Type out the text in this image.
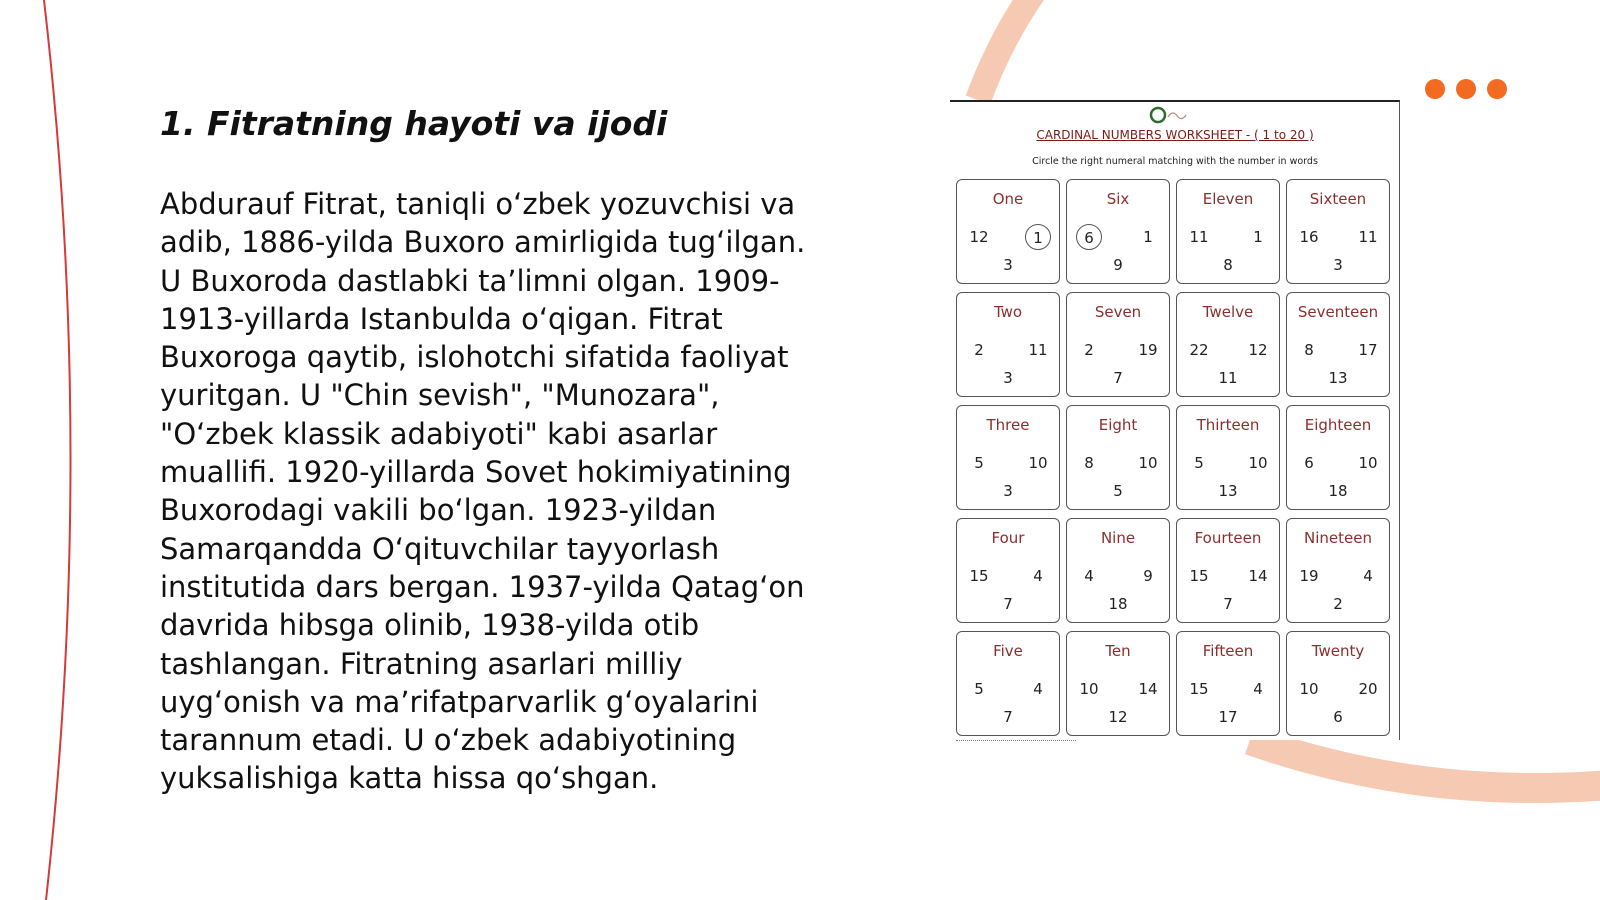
1. Fitratning hayoti va ijodi
Abdurauf Fitrat, taniqli o‘zbek yozuvchisi va
adib, 1886-yilda Buxoro amirligida tug‘ilgan.
U Buxoroda dastlabki ta’limni olgan. 1909-
1913-yillarda Istanbulda o‘qigan. Fitrat
Buxoroga qaytib, islohotchi sifatida faoliyat
yuritgan. U "Chin sevish", "Munozara",
"O‘zbek klassik adabiyoti" kabi asarlar
muallifi. 1920-yillarda Sovet hokimiyatining
Buxorodagi vakili bo‘lgan. 1923-yildan
Samarqandda O‘qituvchilar tayyorlash
institutida dars bergan. 1937-yilda Qatag‘on
davrida hibsga olinib, 1938-yilda otib
tashlangan. Fitratning asarlari milliy
uyg‘onish va ma’rifatparvarlik g‘oyalarini
tarannum etadi. U o‘zbek adabiyotining
yuksalishiga katta hissa qo‘shgan.
CARDINAL NUMBERS WORKSHEET - ( 1 to 20 )
Circle the right numeral matching with the number in words
One
12	1
3
Six
6	1
9
Eleven
11	1
8
Sixteen
16	11
3
Two
2	11
3
Seven
2	19
7
Twelve
22	12
11
Seventeen
8	17
13
Three
5	10
3
Eight
8	10
5
Thirteen
5	10
13
Eighteen
6	10
18
Four
15	4
7
Nine
4	9
18
Fourteen
15	14
7
Nineteen
19	4
2
Five
5	4
7
Ten
10	14
12
Fifteen
15	4
17
Twenty
10	20
6
